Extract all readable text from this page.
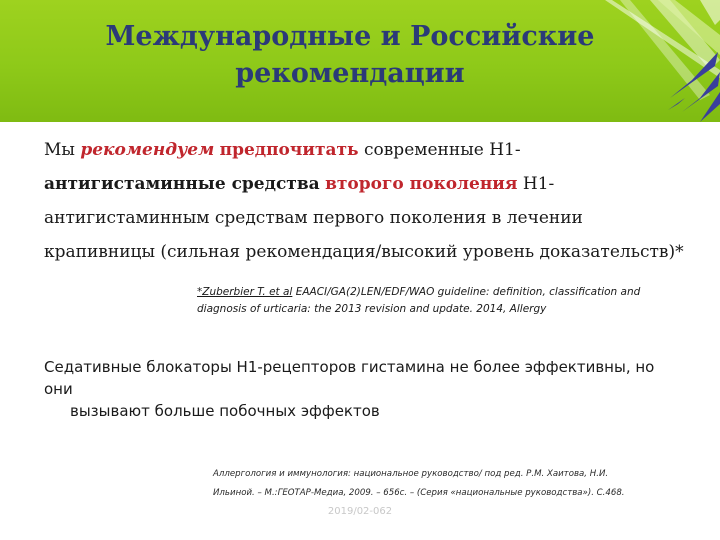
Международные и Российские
рекомендации
Мы рекомендуем предпочитать современные Н1-антигистаминные средства второго поколения Н1-антигистаминным средствам первого поколения в лечении крапивницы (сильная рекомендация/высокий уровень доказательств)*
*Zuberbier T. et al EAACI/GA(2)LEN/EDF/WAO guideline: definition, classification and diagnosis of urticaria: the 2013 revision and update. 2014, Allergy
Седативные блокаторы Н1-рецепторов гистамина не более эффективны, но они
вызывают больше побочных эффектов
Аллергология и иммунология: национальное руководство/ под ред. Р.М. Хаитова, Н.И. Ильиной. – М.:ГЕОТАР-Медиа, 2009. – 656с. – (Серия «национальные руководства»). С.468.
2019/02-062
